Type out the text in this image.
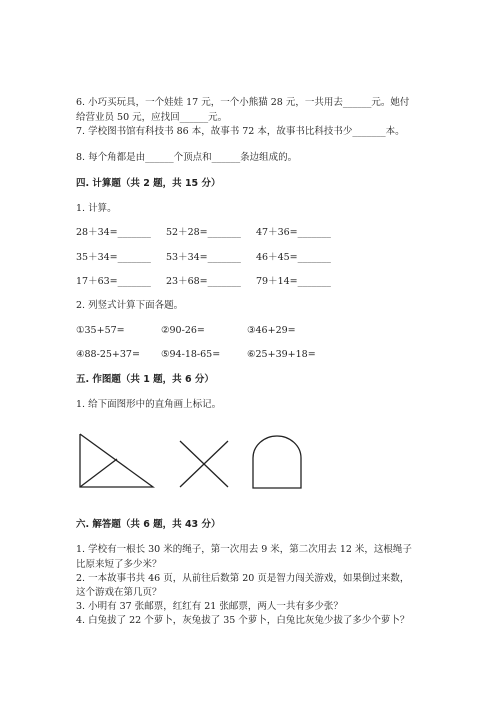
6. 小巧买玩具，一个娃娃 17 元，一个小熊猫 28 元，一共用去______元。她付
给营业员 50 元，应找回______元。
7. 学校图书馆有科技书 86 本，故事书 72 本，故事书比科技书少_______本。
8. 每个角都是由______个顶点和______条边组成的。
四. 计算题（共 2 题，共 15 分）
1. 计算。
28＋34=_______ 52＋28=_______ 47＋36=_______
35＋34=_______ 53＋34=_______ 46＋45=_______
17＋63=_______ 23＋68=_______ 79＋14=_______
2. 列竖式计算下面各题。
①35+57=	②90-26=	③46+29=
④88-25+37= ⑤94-18-65=	⑥25+39+18=
五. 作图题（共 1 题，共 6 分）
1. 给下面图形中的直角画上标记。
六. 解答题（共 6 题，共 43 分）
1. 学校有一根长 30 米的绳子，第一次用去 9 米，第二次用去 12 米，这根绳子
比原来短了多少米？
2. 一本故事书共 46 页，从前往后数第 20 页是智力闯关游戏，如果倒过来数，
这个游戏在第几页？
3. 小明有 37 张邮票，红红有 21 张邮票，两人一共有多少张？
4. 白兔拔了 22 个萝卜，灰兔拔了 35 个萝卜，白兔比灰兔少拔了多少个萝卜？
